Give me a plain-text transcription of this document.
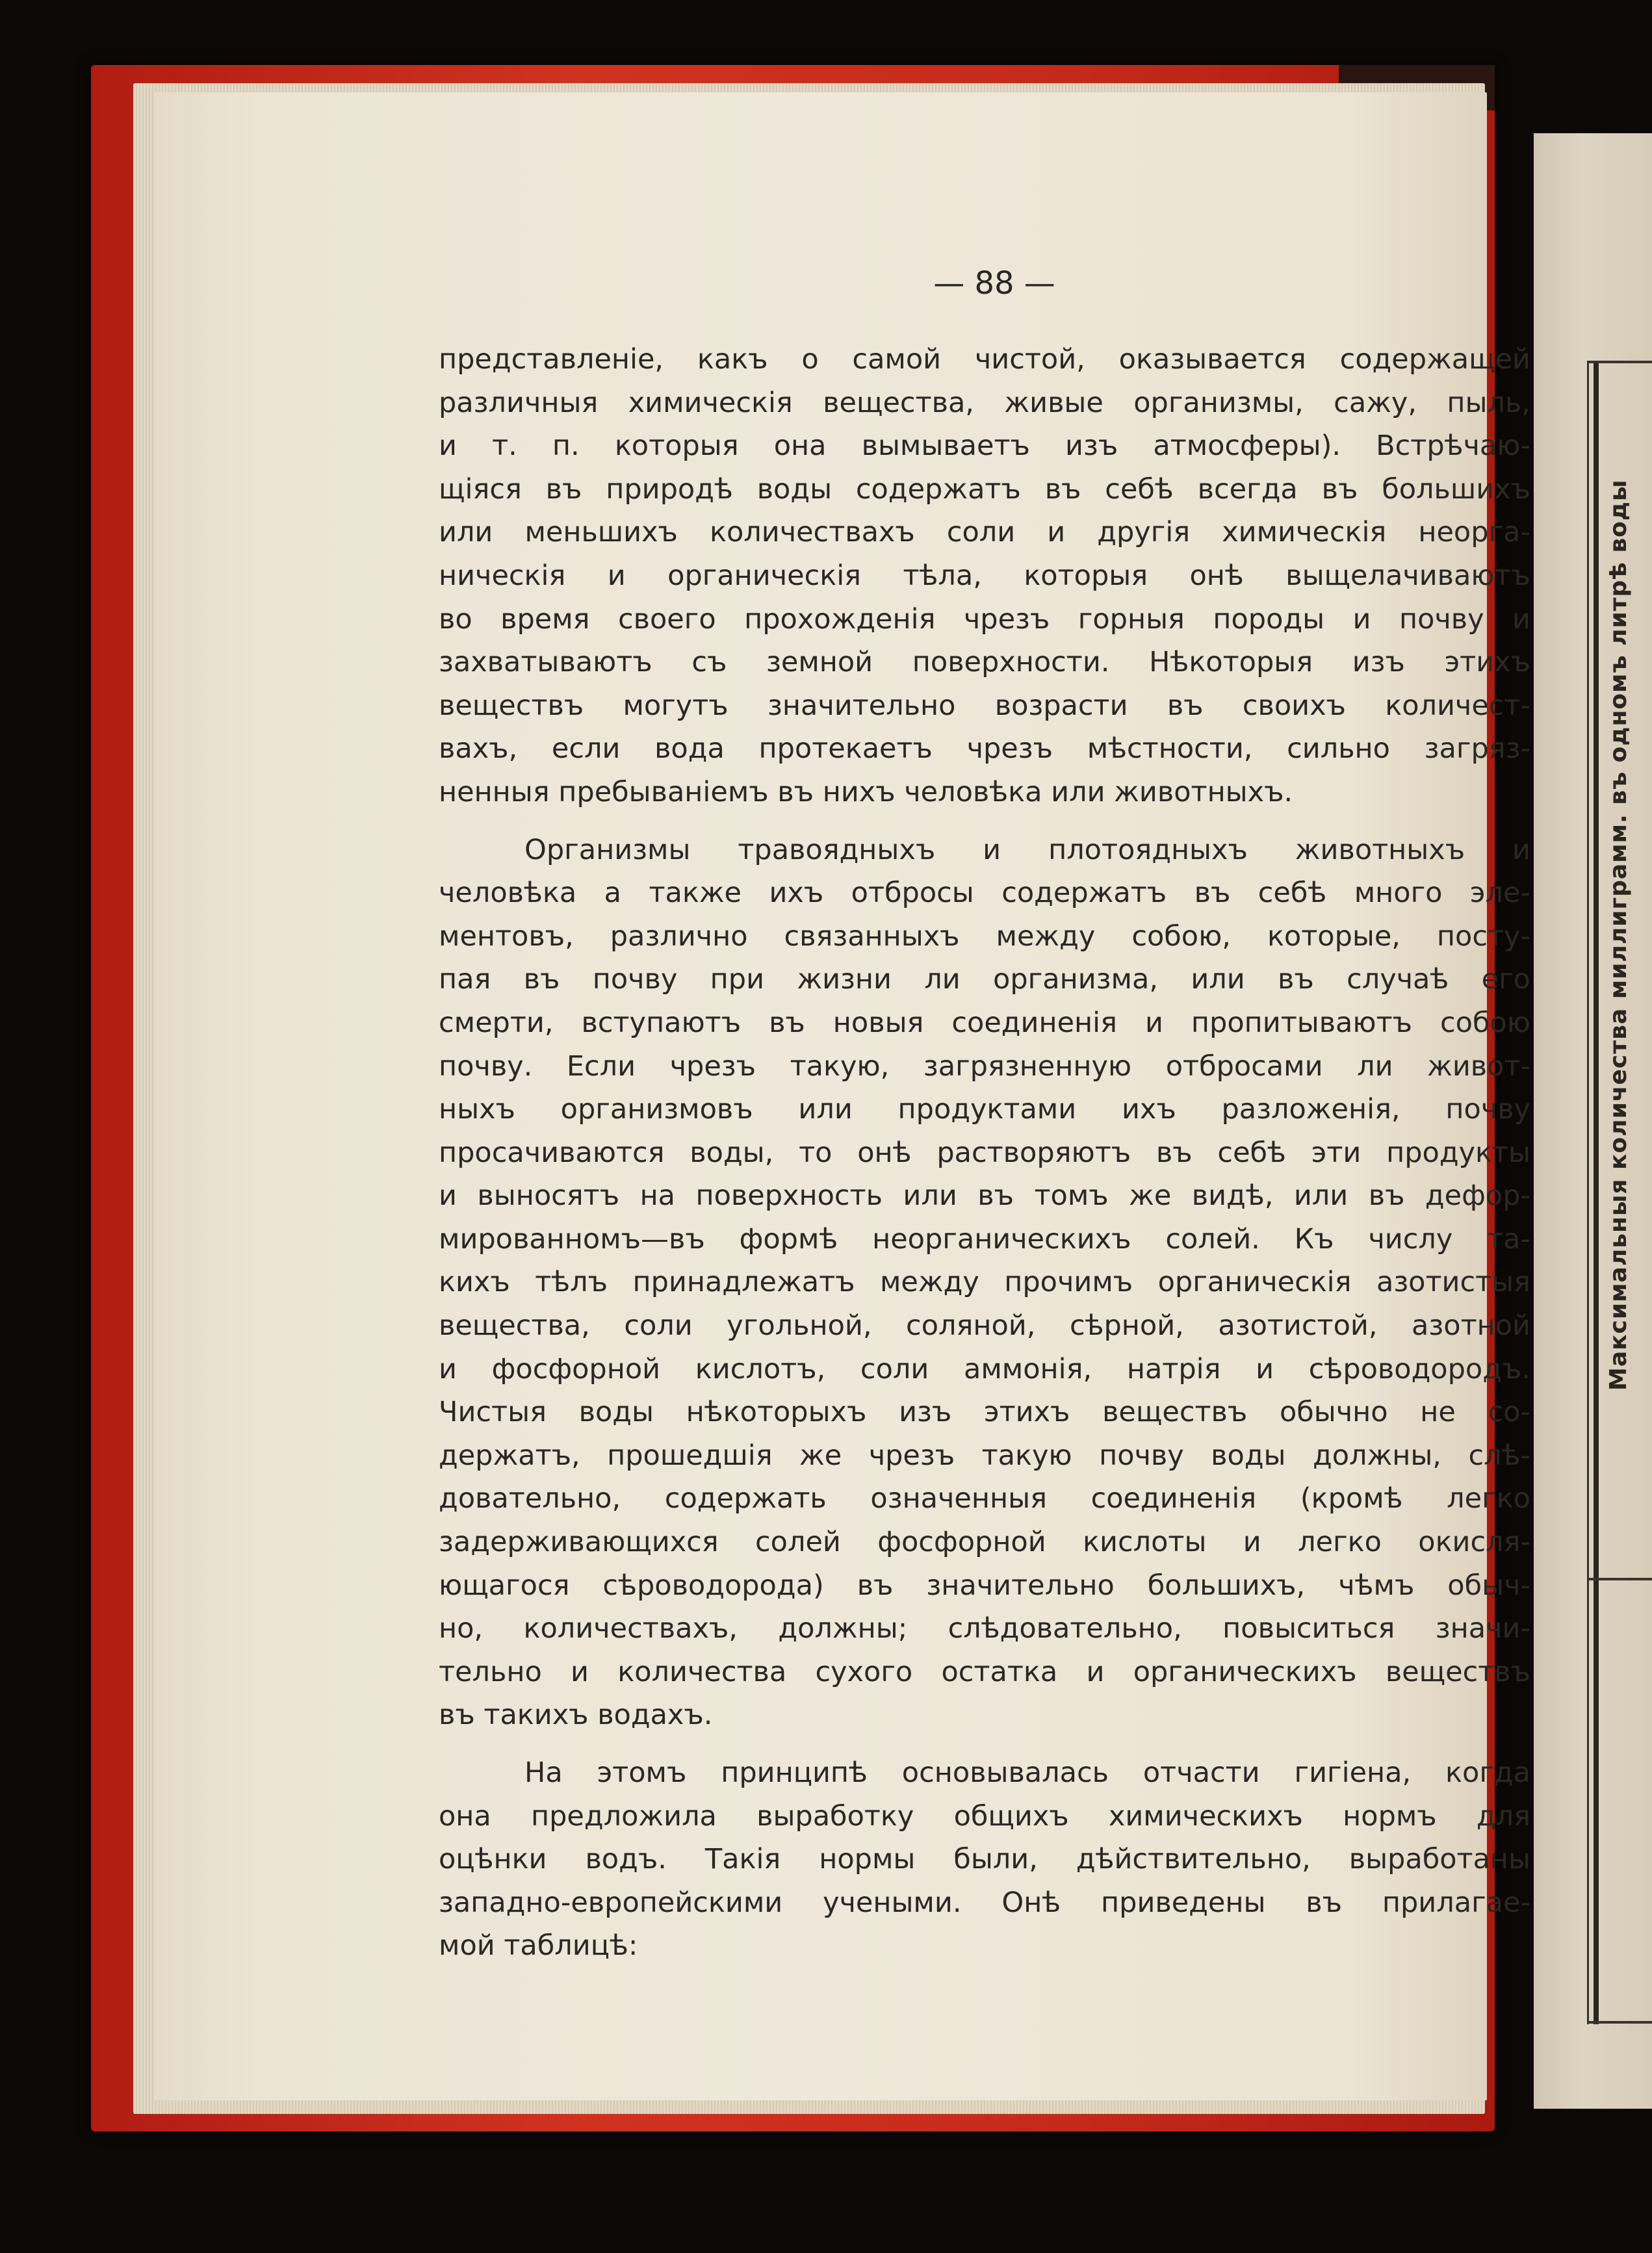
Максимальныя количества миллиграмм. въ одномъ литрѣ воды
— 88 —
представленіе, какъ о самой чистой, оказывается содержащей
различныя химическія вещества, живые организмы, сажу, пыль,
и т. п. которыя она вымываетъ изъ атмосферы). Встрѣчаю-
щіяся въ природѣ воды содержатъ въ себѣ всегда въ большихъ
или меньшихъ количествахъ соли и другія химическія неорга-
ническія и органическія тѣла, которыя онѣ выщелачиваютъ
во время своего прохожденія чрезъ горныя породы и почву и
захватываютъ съ земной поверхности. Нѣкоторыя изъ этихъ
веществъ могутъ значительно возрасти въ своихъ количест-
вахъ, если вода протекаетъ чрезъ мѣстности, сильно загряз-
ненныя пребываніемъ въ нихъ человѣка или животныхъ.
Организмы травоядныхъ и плотоядныхъ животныхъ и
человѣка а также ихъ отбросы содержатъ въ себѣ много эле-
ментовъ, различно связанныхъ между собою, которые, посту-
пая въ почву при жизни ли организма, или въ случаѣ его
смерти, вступаютъ въ новыя соединенія и пропитываютъ собою
почву. Если чрезъ такую, загрязненную отбросами ли живот-
ныхъ организмовъ или продуктами ихъ разложенія, почву
просачиваются воды, то онѣ растворяютъ въ себѣ эти продукты
и выносятъ на поверхность или въ томъ же видѣ, или въ дефор-
мированномъ—въ формѣ неорганическихъ солей. Къ числу та-
кихъ тѣлъ принадлежатъ между прочимъ органическія азотистыя
вещества, соли угольной, соляной, сѣрной, азотистой, азотной
и фосфорной кислотъ, соли аммонія, натрія и сѣроводородъ.
Чистыя воды нѣкоторыхъ изъ этихъ веществъ обычно не со-
держатъ, прошедшія же чрезъ такую почву воды должны, слѣ-
довательно, содержать означенныя соединенія (кромѣ легко
задерживающихся солей фосфорной кислоты и легко окисля-
ющагося сѣроводорода) въ значительно большихъ, чѣмъ обыч-
но, количествахъ, должны; слѣдовательно, повыситься значи-
тельно и количества сухого остатка и органическихъ веществъ
въ такихъ водахъ.
На этомъ принципѣ основывалась отчасти гигіена, когда
она предложила выработку общихъ химическихъ нормъ для
оцѣнки водъ. Такія нормы были, дѣйствительно, выработаны
западно-европейскими учеными. Онѣ приведены въ прилагае-
мой таблицѣ:
